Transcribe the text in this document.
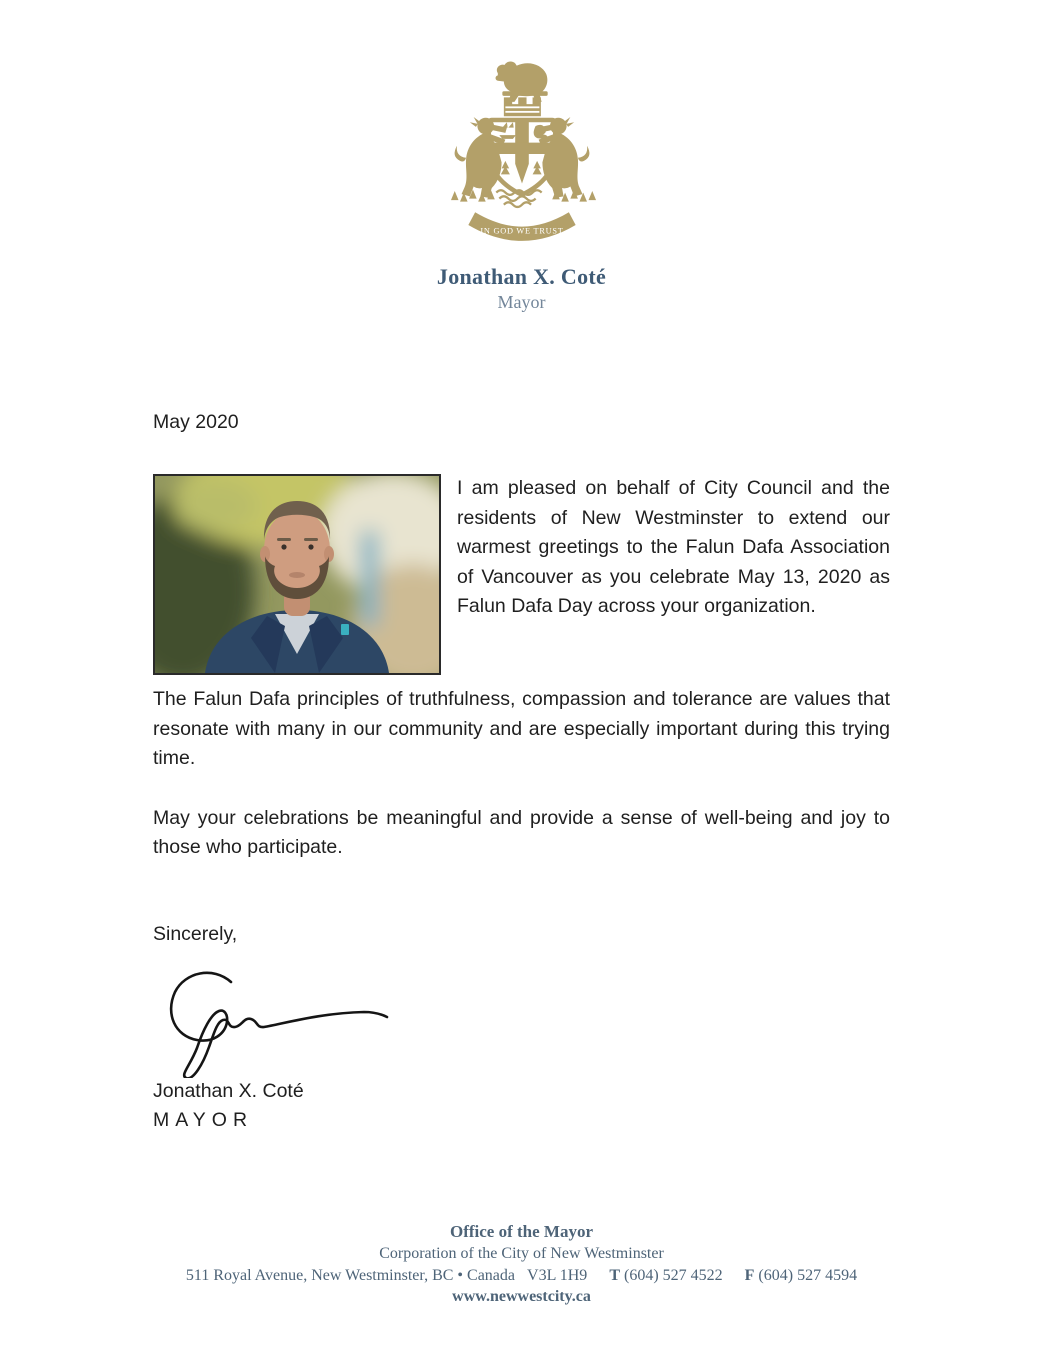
IN GOD WE TRUST
Jonathan X. Coté
Mayor
May 2020

I am pleased on behalf of City Council and the residents of New Westminster to extend our warmest greetings to the Falun Dafa Association of Vancouver as you celebrate May 13, 2020 as Falun Dafa Day across your organization.

The Falun Dafa principles of truthfulness, compassion and tolerance are values that resonate with many in our community and are especially important during this trying time.

May your celebrations be meaningful and provide a sense of well-being and joy to those who participate.

Sincerely,
Jonathan X. Coté
MAYOR
Office of the Mayor
Corporation of the City of New Westminster
511 Royal Avenue, New Westminster, BC • Canada V3L 1H9 T (604) 527 4522 F (604) 527 4594
www.newwestcity.ca
